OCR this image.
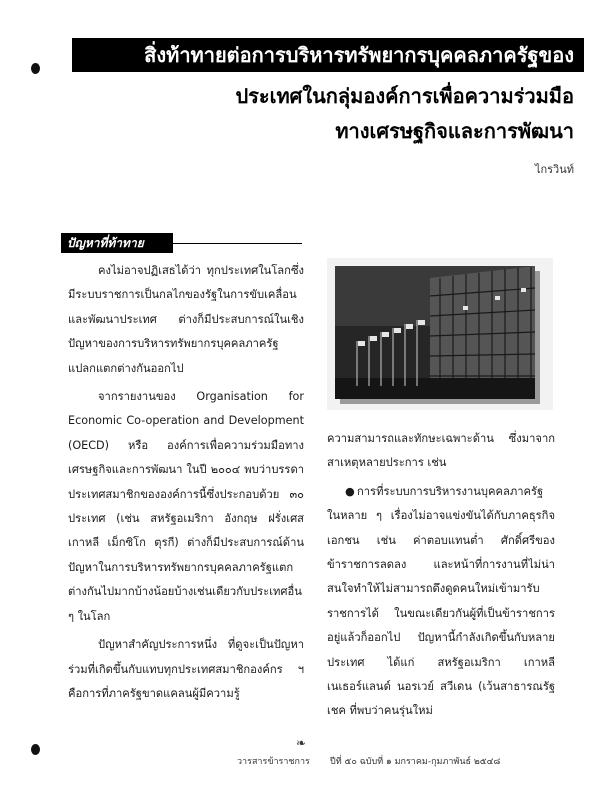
สิ่งท้าทายต่อการบริหารทรัพยากรบุคคลภาครัฐของ
ประเทศในกลุ่มองค์การเพื่อความร่วมมือ
ทางเศรษฐกิจและการพัฒนา
ไกรวินท์
ปัญหาที่ท้าทาย

คงไม่อาจปฏิเสธได้ว่า ทุกประเทศในโลกซึ่งมีระบบราชการเป็นกลไกของรัฐในการขับเคลื่อนและพัฒนาประเทศ ต่างก็มีประสบการณ์ในเชิงปัญหาของการบริหารทรัพยากรบุคคลภาครัฐแปลกแตกต่างกันออกไป

จากรายงานของ Organisation for Economic Co-operation and Development (OECD) หรือ องค์การเพื่อความร่วมมือทางเศรษฐกิจและการพัฒนา ในปี ๒๐๐๔ พบว่าบรรดาประเทศสมาชิกขององค์การนี้ซึ่งประกอบด้วย ๓๐ ประเทศ (เช่น สหรัฐอเมริกา อังกฤษ ฝรั่งเศส เกาหลี เม็กซิโก ตุรกี) ต่างก็มีประสบการณ์ด้านปัญหาในการบริหารทรัพยากรบุคคลภาครัฐแตกต่างกันไปมากบ้างน้อยบ้างเช่นเดียวกับประเทศอื่น ๆ ในโลก

ปัญหาสำคัญประการหนึ่ง ที่ดูจะเป็นปัญหาร่วมที่เกิดขึ้นกับแทบทุกประเทศสมาชิกองค์กร ฯ คือการที่ภาครัฐขาดแคลนผู้มีความรู้

ความสามารถและทักษะเฉพาะด้าน ซึ่งมาจากสาเหตุหลายประการ เช่น

● การที่ระบบการบริหารงานบุคคลภาครัฐในหลาย ๆ เรื่องไม่อาจแข่งขันได้กับภาคธุรกิจเอกชน เช่น ค่าตอบแทนต่ำ ศักดิ์ศรีของข้าราชการลดลง และหน้าที่การงานที่ไม่น่าสนใจทำให้ไม่สามารถดึงดูดคนใหม่เข้ามารับราชการได้ ในขณะเดียวกันผู้ที่เป็นข้าราชการอยู่แล้วก็ออกไป ปัญหานี้กำลังเกิดขึ้นกับหลายประเทศ ได้แก่ สหรัฐอเมริกา เกาหลี เนเธอร์แลนด์ นอรเวย์ สวีเดน (เว้นสาธารณรัฐเชค ที่พบว่าคนรุ่นใหม่

❧
วารสารข้าราชการ ปีที่ ๕๐ ฉบับที่ ๑ มกราคม-กุมภาพันธ์ ๒๕๔๘
